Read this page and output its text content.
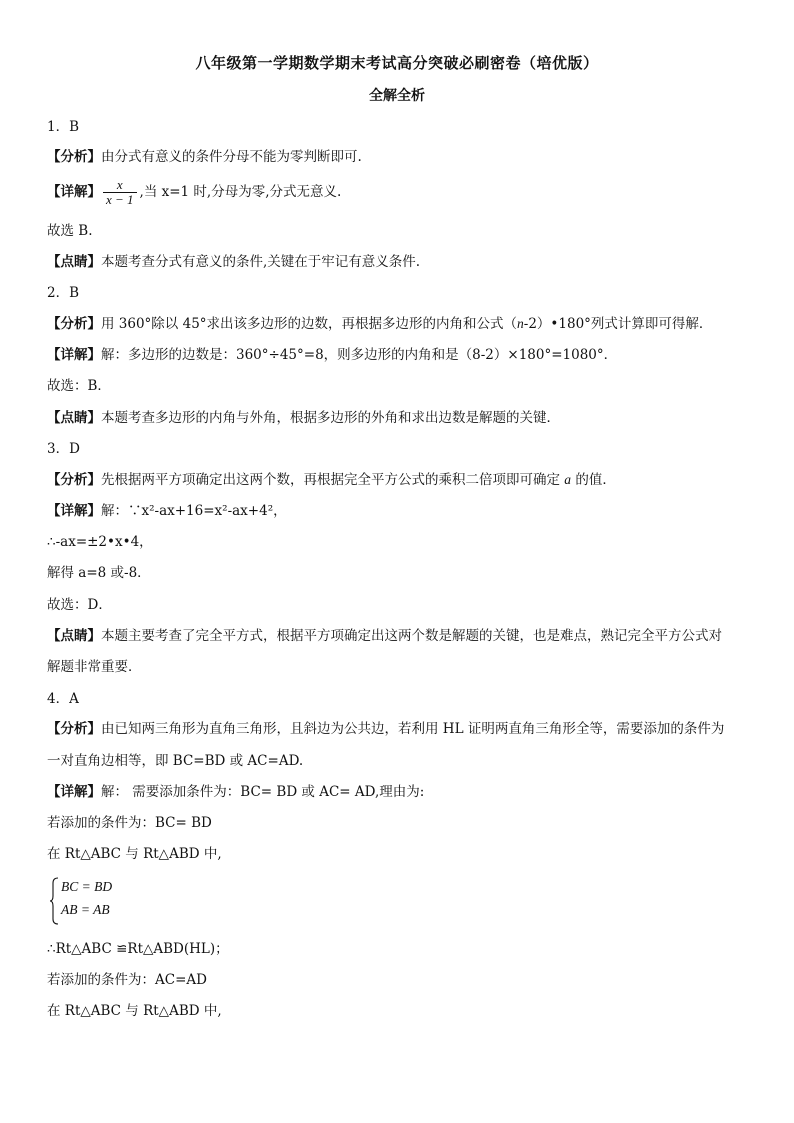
八年级第一学期数学期末考试高分突破必刷密卷（培优版）
全解全析
1．B
【分析】由分式有意义的条件分母不能为零判断即可.
【详解】 $\frac{x}{x - 1}$ ,当 x=1 时,分母为零,分式无意义.
故选 B.
【点睛】本题考查分式有意义的条件,关键在于牢记有意义条件.
2．B
【分析】用 360°除以 45°求出该多边形的边数，再根据多边形的内角和公式（n-2）•180°列式计算即可得解．
【详解】解：多边形的边数是：360°÷45°=8，则多边形的内角和是（8-2）×180°=1080°．
故选：B．
【点睛】本题考查多边形的内角与外角，根据多边形的外角和求出边数是解题的关键．
3．D
【分析】先根据两平方项确定出这两个数，再根据完全平方公式的乘积二倍项即可确定 a 的值．
【详解】解：∵x²-ax+16=x²-ax+4²，
∴-ax=±2•x•4，
解得 a=8 或-8．
故选：D．
【点睛】本题主要考查了完全平方式，根据平方项确定出这两个数是解题的关键，也是难点，熟记完全平方公式对
解题非常重要．
4．A
【分析】由已知两三角形为直角三角形，且斜边为公共边，若利用 HL 证明两直角三角形全等，需要添加的条件为
一对直角边相等，即 BC=BD 或 AC=AD.
【详解】解： 需要添加条件为：BC= BD 或 AC= AD,理由为:
若添加的条件为：BC= BD
在 Rt△ABC 与 Rt△ABD 中,
BC = BD
AB = AB
∴Rt△ABC ≌Rt△ABD(HL)；
若添加的条件为：AC=AD
在 Rt△ABC 与 Rt△ABD 中,
